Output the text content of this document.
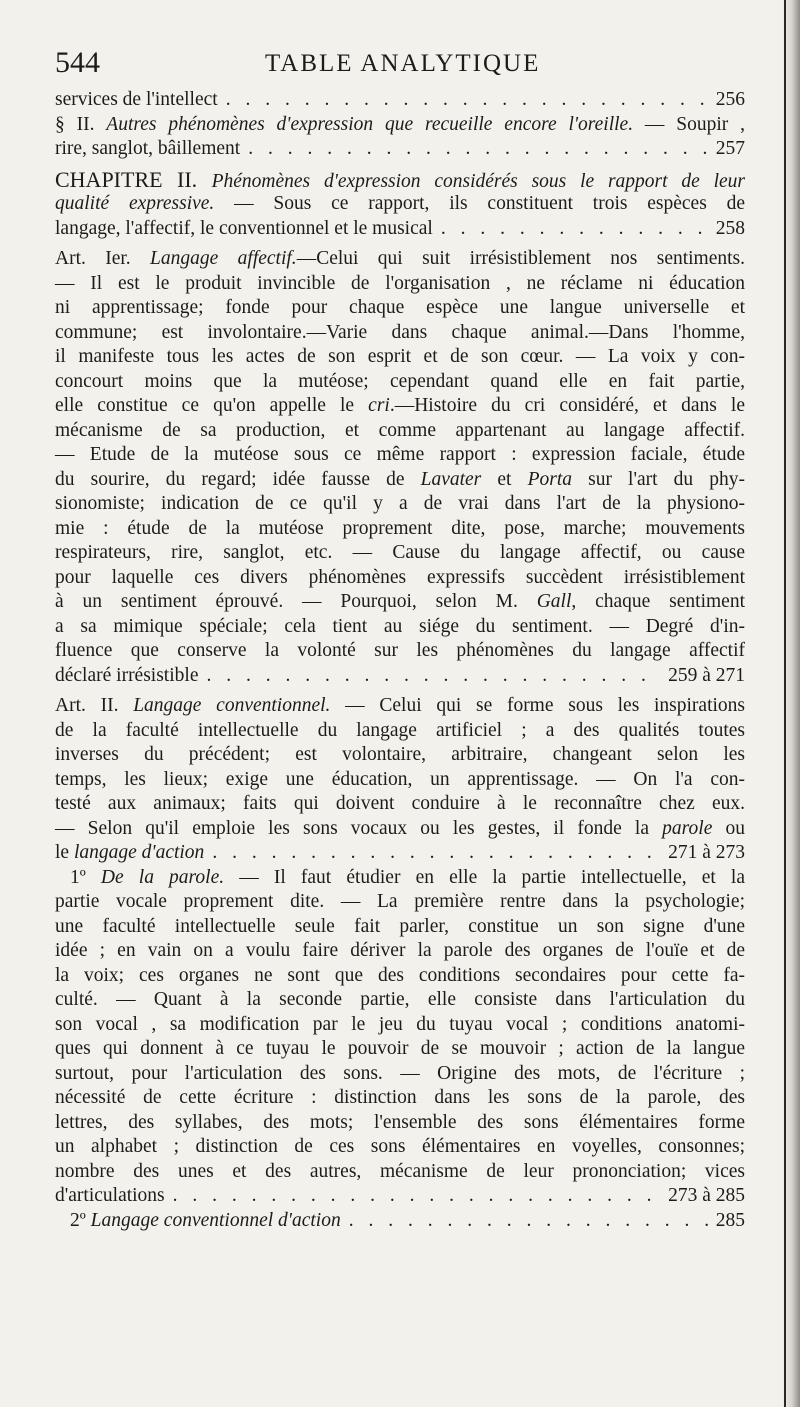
544	TABLE ANALYTIQUE
services de l'intellect . . .	256
§ II. Autres phénomènes d'expression que recueille encore l'oreille. — Soupir ,
rire, sanglot, bâillement . . .	257
CHAPITRE II. Phénomènes d'expression considérés sous le rapport de leur
qualité expressive. — Sous ce rapport, ils constituent trois espèces de
langage, l'affectif, le conventionnel et le musical . . .	258
Art. Ier. Langage affectif.—Celui qui suit irrésistiblement nos sentiments.
— Il est le produit invincible de l'organisation , ne réclame ni éducation
ni apprentissage; fonde pour chaque espèce une langue universelle et
commune; est involontaire.—Varie dans chaque animal.—Dans l'homme,
il manifeste tous les actes de son esprit et de son cœur. — La voix y con-
concourt moins que la mutéose; cependant quand elle en fait partie,
elle constitue ce qu'on appelle le cri.—Histoire du cri considéré, et dans le
mécanisme de sa production, et comme appartenant au langage affectif.
— Etude de la mutéose sous ce même rapport : expression faciale, étude
du sourire, du regard; idée fausse de Lavater et Porta sur l'art du phy-
sionomiste; indication de ce qu'il y a de vrai dans l'art de la physiono-
mie : étude de la mutéose proprement dite, pose, marche; mouvements
respirateurs, rire, sanglot, etc. — Cause du langage affectif, ou cause
pour laquelle ces divers phénomènes expressifs succèdent irrésistiblement
à un sentiment éprouvé. — Pourquoi, selon M. Gall, chaque sentiment
a sa mimique spéciale; cela tient au siége du sentiment. — Degré d'in-
fluence que conserve la volonté sur les phénomènes du langage affectif
déclaré irrésistible . . .	259 à 271
Art. II. Langage conventionnel. — Celui qui se forme sous les inspirations
de la faculté intellectuelle du langage artificiel ; a des qualités toutes
inverses du précédent; est volontaire, arbitraire, changeant selon les
temps, les lieux; exige une éducation, un apprentissage. — On l'a con-
testé aux animaux; faits qui doivent conduire à le reconnaître chez eux.
— Selon qu'il emploie les sons vocaux ou les gestes, il fonde la parole ou
le langage d'action . . .	271 à 273
1º De la parole. — Il faut étudier en elle la partie intellectuelle, et la
partie vocale proprement dite. — La première rentre dans la psychologie;
une faculté intellectuelle seule fait parler, constitue un son signe d'une
idée ; en vain on a voulu faire dériver la parole des organes de l'ouïe et de
la voix; ces organes ne sont que des conditions secondaires pour cette fa-
culté. — Quant à la seconde partie, elle consiste dans l'articulation du
son vocal , sa modification par le jeu du tuyau vocal ; conditions anatomi-
ques qui donnent à ce tuyau le pouvoir de se mouvoir ; action de la langue
surtout, pour l'articulation des sons. — Origine des mots, de l'écriture ;
nécessité de cette écriture : distinction dans les sons de la parole, des
lettres, des syllabes, des mots; l'ensemble des sons élémentaires forme
un alphabet ; distinction de ces sons élémentaires en voyelles, consonnes;
nombre des unes et des autres, mécanisme de leur prononciation; vices
d'articulations . . .	273 à 285
2º Langage conventionnel d'action . . .	285
